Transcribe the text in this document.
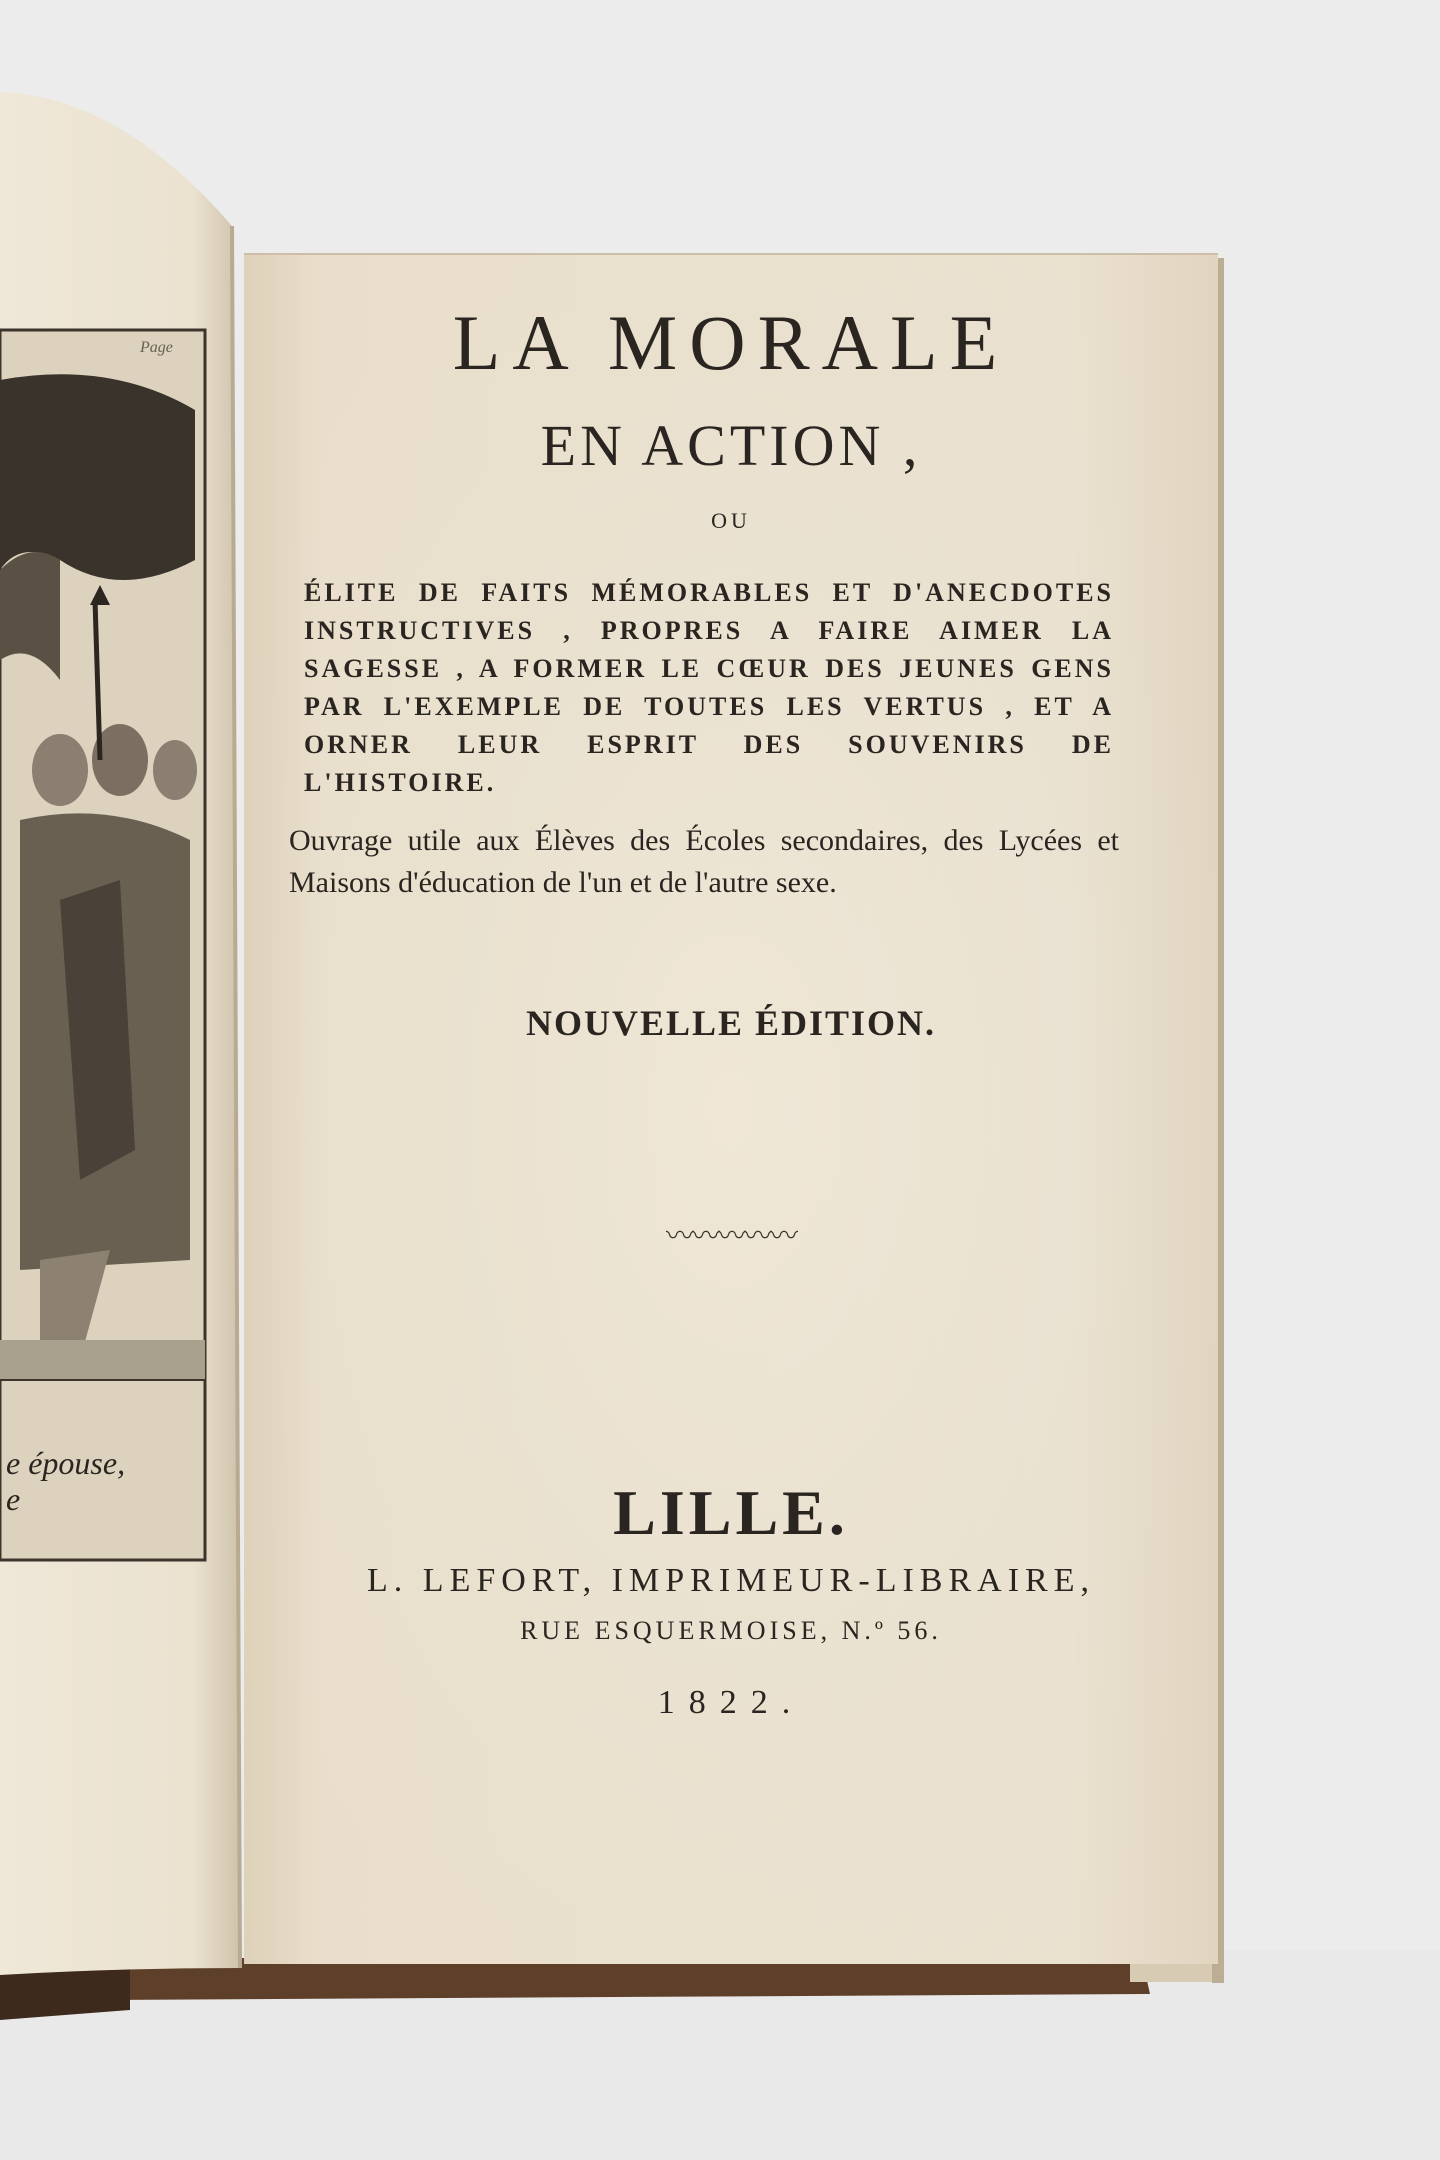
Page
e épouse,
e
LA MORALE
EN ACTION ,
OU
ÉLITE DE FAITS MÉMORABLES ET D'ANECDOTES INSTRUCTIVES , PROPRES A FAIRE AIMER LA SAGESSE , A FORMER LE CŒUR DES JEUNES GENS PAR L'EXEMPLE DE TOUTES LES VERTUS , ET A ORNER LEUR ESPRIT DES SOUVENIRS DE L'HISTOIRE.
Ouvrage utile aux Élèves des Écoles secondaires, des Lycées et Maisons d'éducation de l'un et de l'autre sexe.
NOUVELLE ÉDITION.
〰〰〰〰〰
LILLE.
L. LEFORT, IMPRIMEUR-LIBRAIRE,
RUE ESQUERMOISE, N.º 56.
1822.
